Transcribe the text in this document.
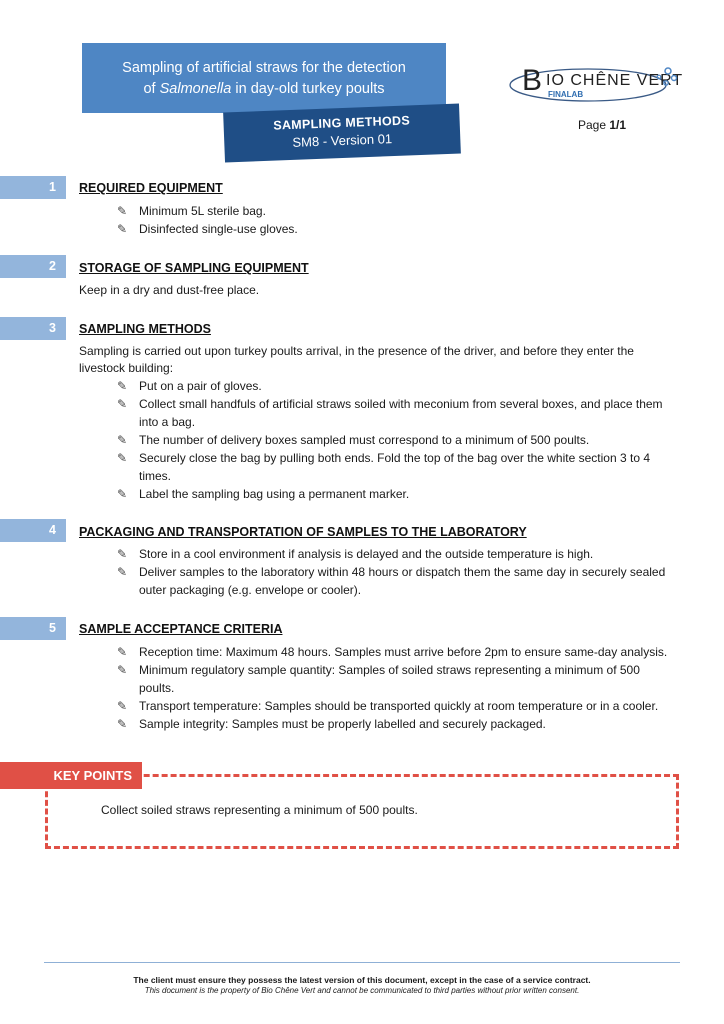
Sampling of artificial straws for the detection
of Salmonella in day-old turkey poults
SAMPLING METHODS
SM8 - Version 01
B IO CHÊNE VERT
FINALAB
Page 1/1
1	REQUIRED EQUIPMENT
✎ Minimum 5L sterile bag.
✎ Disinfected single-use gloves.
2	STORAGE OF SAMPLING EQUIPMENT
Keep in a dry and dust-free place.
3	SAMPLING METHODS
Sampling is carried out upon turkey poults arrival, in the presence of the driver, and before they enter the livestock building:
✎ Put on a pair of gloves.
✎ Collect small handfuls of artificial straws soiled with meconium from several boxes, and place them into a bag.
✎ The number of delivery boxes sampled must correspond to a minimum of 500 poults.
✎ Securely close the bag by pulling both ends. Fold the top of the bag over the white section 3 to 4 times.
✎ Label the sampling bag using a permanent marker.
4	PACKAGING AND TRANSPORTATION OF SAMPLES TO THE LABORATORY
✎ Store in a cool environment if analysis is delayed and the outside temperature is high.
✎ Deliver samples to the laboratory within 48 hours or dispatch them the same day in securely sealed outer packaging (e.g. envelope or cooler).
5	SAMPLE ACCEPTANCE CRITERIA
✎ Reception time: Maximum 48 hours. Samples must arrive before 2pm to ensure same-day analysis.
✎ Minimum regulatory sample quantity: Samples of soiled straws representing a minimum of 500 poults.
✎ Transport temperature: Samples should be transported quickly at room temperature or in a cooler.
✎ Sample integrity: Samples must be properly labelled and securely packaged.
KEY POINTS
Collect soiled straws representing a minimum of 500 poults.
The client must ensure they possess the latest version of this document, except in the case of a service contract.
This document is the property of Bio Chêne Vert and cannot be communicated to third parties without prior written consent.
